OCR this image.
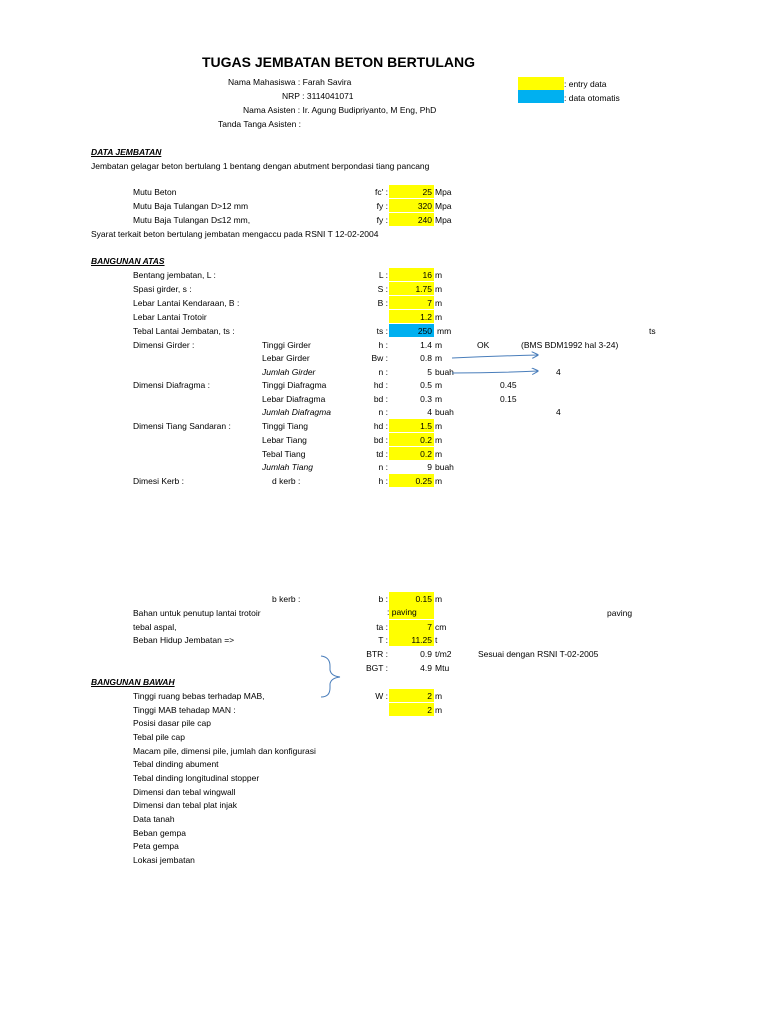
TUGAS JEMBATAN BETON BERTULANG
Nama Mahasiswa : Farah Savira
NRP : 3114041071
Nama Asisten : Ir. Agung Budipriyanto, M Eng, PhD
Tanda Tanga Asisten :
: entry data
: data otomatis
DATA JEMBATAN
Jembatan gelagar beton bertulang 1 bentang dengan abutment berpondasi tiang pancang
Mutu Beton	fc' :	25 Mpa
Mutu Baja Tulangan D>12 mm	fy :	320 Mpa
Mutu Baja Tulangan D≤12 mm,	fy :	240 Mpa
Syarat terkait beton bertulang jembatan mengaccu pada RSNI T 12-02-2004
BANGUNAN ATAS
Bentang jembatan, L :	L :	16 m
Spasi girder, s :	S :	1.75 m
Lebar Lantai Kendaraan, B :	B :	7 m
Lebar Lantai Trotoir	1.2 m
Tebal Lantai Jembatan, ts :	ts :	250 mm	ts
Dimensi Girder :	Tinggi Girder	h :	1.4 m	OK	(BMS BDM1992 hal 3-24)
Lebar Girder	Bw :	0.8 m
Jumlah Girder	n :	5 buah	4
Dimensi Diafragma :	Tinggi Diafragma	hd :	0.5 m	0.45
Lebar Diafragma	bd :	0.3 m	0.15
Jumlah Diafragma	n :	4 buah	4
Dimensi Tiang Sandaran :	Tinggi Tiang	hd :	1.5 m
Lebar Tiang	bd :	0.2 m
Tebal Tiang	td :	0.2 m
Jumlah Tiang	n :	9 buah
Dimesi Kerb :	d kerb :	h :	0.25 m
b kerb :	b :	0.15 m
Bahan untuk penutup lantai trotoir	: paving	paving
tebal aspal,	ta :	7 cm
Beban Hidup Jembatan =>	T :	11.25 t
BTR :	0.9 t/m2	Sesuai dengan RSNI T-02-2005
BGT :	4.9 Mtu
BANGUNAN BAWAH
Tinggi ruang bebas terhadap MAB,	W :	2 m
Tinggi MAB tehadap MAN :	2 m
Posisi dasar pile cap
Tebal pile cap
Macam pile, dimensi pile, jumlah dan konfigurasi
Tebal dinding abument
Tebal dinding longitudinal stopper
Dimensi dan tebal wingwall
Dimensi dan tebal plat injak
Data tanah
Beban gempa
Peta gempa
Lokasi jembatan
